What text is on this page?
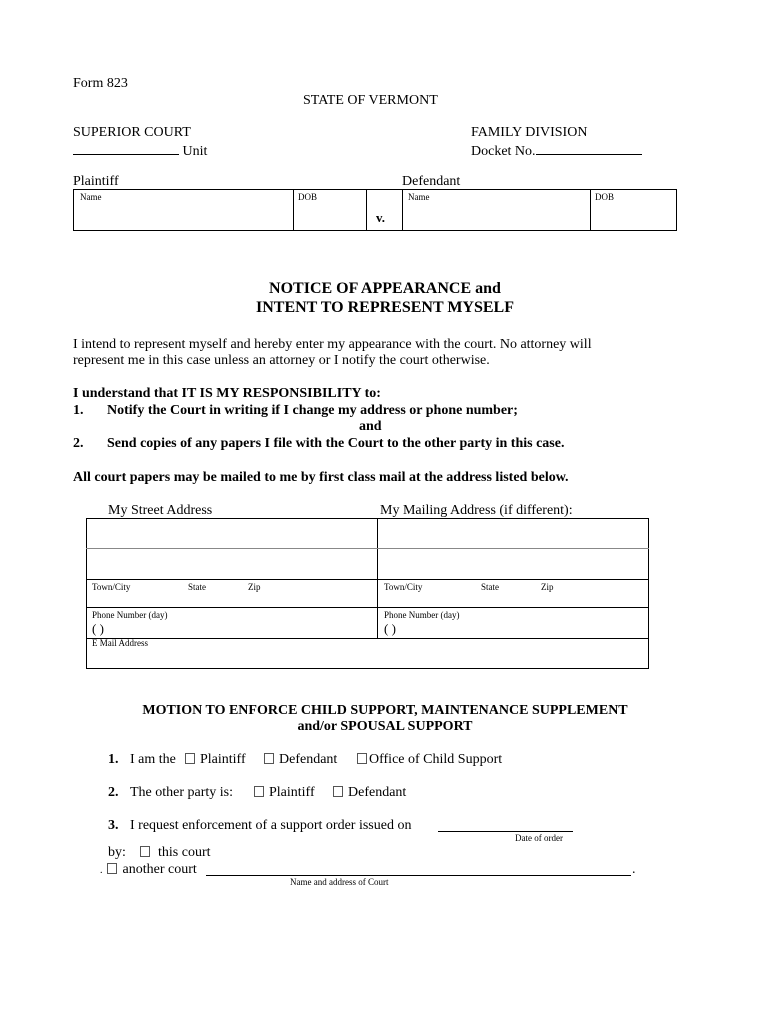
Form 823
STATE OF VERMONT
SUPERIOR COURT
Unit
FAMILY DIVISION
Docket No.
Plaintiff	Defendant
Name	DOB
v.
Name	DOB
NOTICE OF APPEARANCE and
INTENT TO REPRESENT MYSELF
I intend to represent myself and hereby enter my appearance with the court. No attorney will
represent me in this case unless an attorney or I notify the court otherwise.
I understand that IT IS MY RESPONSIBILITY to:
1. Notify the Court in writing if I change my address or phone number;
and
2. Send copies of any papers I file with the Court to the other party in this case.
All court papers may be mailed to me by first class mail at the address listed below.
My Street Address	My Mailing Address (if different):
Town/City	State	Zip	Town/City	State	Zip
Phone Number (day)
( )
Phone Number (day)
( )
E Mail Address
MOTION TO ENFORCE CHILD SUPPORT, MAINTENANCE SUPPLEMENT
and/or SPOUSAL SUPPORT
1. I am the	Plaintiff	Defendant	Office of Child Support
2. The other party is:	Plaintiff	Defendant
3. I request enforcement of a support order issued on
Date of order
by:	this court
. another court	.
Name and address of Court
